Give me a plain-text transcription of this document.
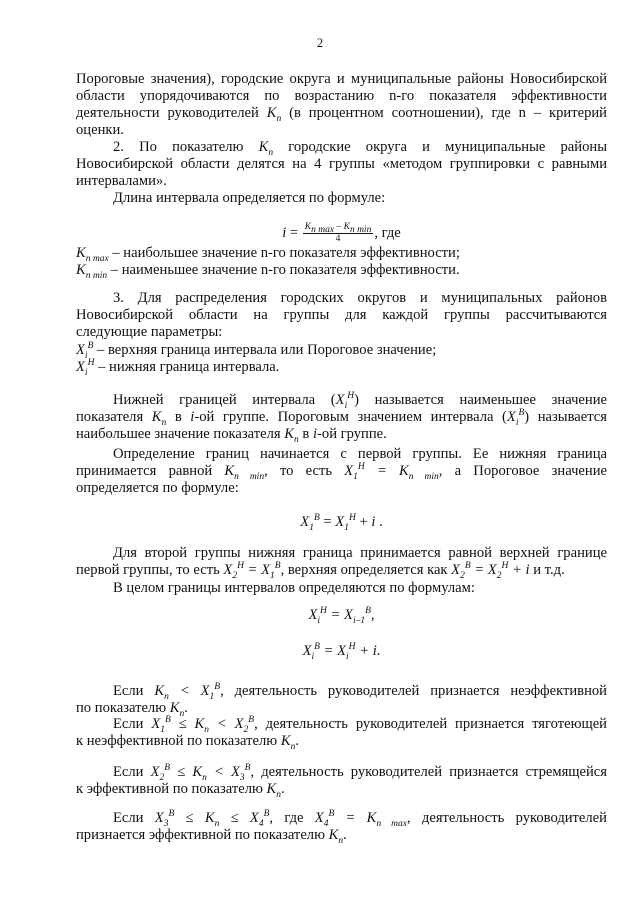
2
Пороговые значения), городские округа и муниципальные районы Новосибирской
области упорядочиваются по возрастанию n-го показателя эффективности
деятельности руководителей $K_n$ (в процентном соотношении), где n – критерий
оценки.
2. По показателю $K_n$ городские округа и муниципальные районы
Новосибирской области делятся на 4 группы «методом группировки с равными
интервалами».
Длина интервала определяется по формуле:
$i = \frac{K_{n max} - K_{n min}}{4}$ , где
$K_{n max}$ – наибольшее значение n-го показателя эффективности;
$K_{n min}$ – наименьшее значение n-го показателя эффективности.
3. Для распределения городских округов и муниципальных районов
Новосибирской области на группы для каждой группы рассчитываются
следующие параметры:
$X_i^В$ – верхняя граница интервала или Пороговое значение;
$X_i^Н$ – нижняя граница интервала.
Нижней границей интервала $(X_i^Н)$ называется наименьшее значение
показателя $K_n$ в i-ой группе. Пороговым значением интервала $(X_i^В)$ называется
наибольшее значение показателя $K_n$ в i-ой группе.
Определение границ начинается с первой группы. Ее нижняя граница
принимается равной $K_{n min}$, то есть $X_1^Н = K_{n min}$, а Пороговое значение
определяется по формуле:
$X_1^В = X_1^Н + i$ .
Для второй группы нижняя граница принимается равной верхней границе
первой группы, то есть $X_2^Н = X_1^В$, верхняя определяется как $X_2^В = X_2^Н + i$ и т.д.
В целом границы интервалов определяются по формулам:
$X_i^Н = X_{i-1}^В$,
$X_i^В = X_i^Н + i$.
Если $K_n < X_1^В$, деятельность руководителей признается неэффективной
по показателю $K_n$.
Если $X_1^В \le K_n < X_2^В$, деятельность руководителей признается тяготеющей
к неэффективной по показателю $K_n$.
Если $X_2^В \le K_n < X_3^В$, деятельность руководителей признается стремящейся
к эффективной по показателю $K_n$.
Если $X_3^В \le K_n \le X_4^В$, где $X_4^В = K_{n max}$, деятельность руководителей
признается эффективной по показателю $K_n$.
